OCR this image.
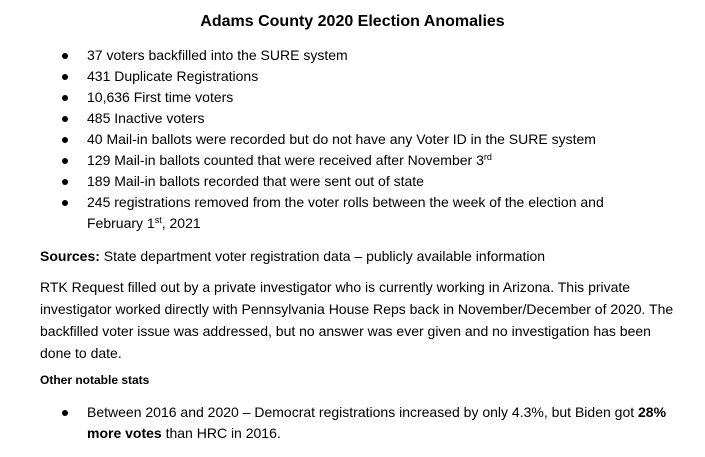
Adams County 2020 Election Anomalies
37 voters backfilled into the SURE system
431 Duplicate Registrations
10,636 First time voters
485 Inactive voters
40 Mail-in ballots were recorded but do not have any Voter ID in the SURE system
129 Mail-in ballots counted that were received after November 3rd
189 Mail-in ballots recorded that were sent out of state
245 registrations removed from the voter rolls between the week of the election and February 1st, 2021
Sources: State department voter registration data – publicly available information
RTK Request filled out by a private investigator who is currently working in Arizona. This private investigator worked directly with Pennsylvania House Reps back in November/December of 2020. The backfilled voter issue was addressed, but no answer was ever given and no investigation has been done to date.
Other notable stats
Between 2016 and 2020 – Democrat registrations increased by only 4.3%, but Biden got 28% more votes than HRC in 2016.
